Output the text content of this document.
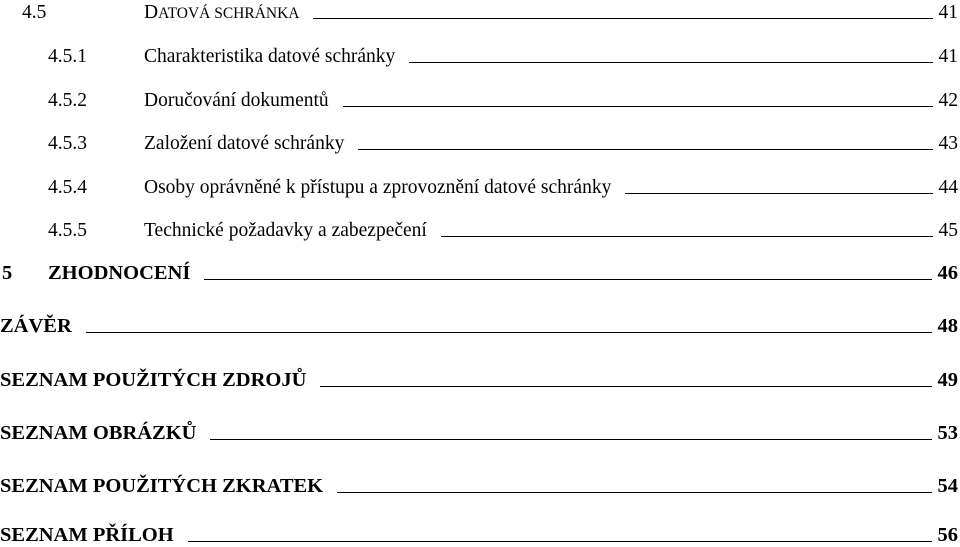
4.5	DATOVÁ SCHRÁNKA	41
4.5.1	Charakteristika datové schránky	41
4.5.2	Doručování dokumentů	42
4.5.3	Založení datové schránky	43
4.5.4	Osoby oprávněné k přístupu a zprovoznění datové schránky	44
4.5.5	Technické požadavky a zabezpečení	45
5	ZHODNOCENÍ	46
ZÁVĚR	48
SEZNAM POUŽITÝCH ZDROJŮ	49
SEZNAM OBRÁZKŮ	53
SEZNAM POUŽITÝCH ZKRATEK	54
SEZNAM PŘÍLOH	56
